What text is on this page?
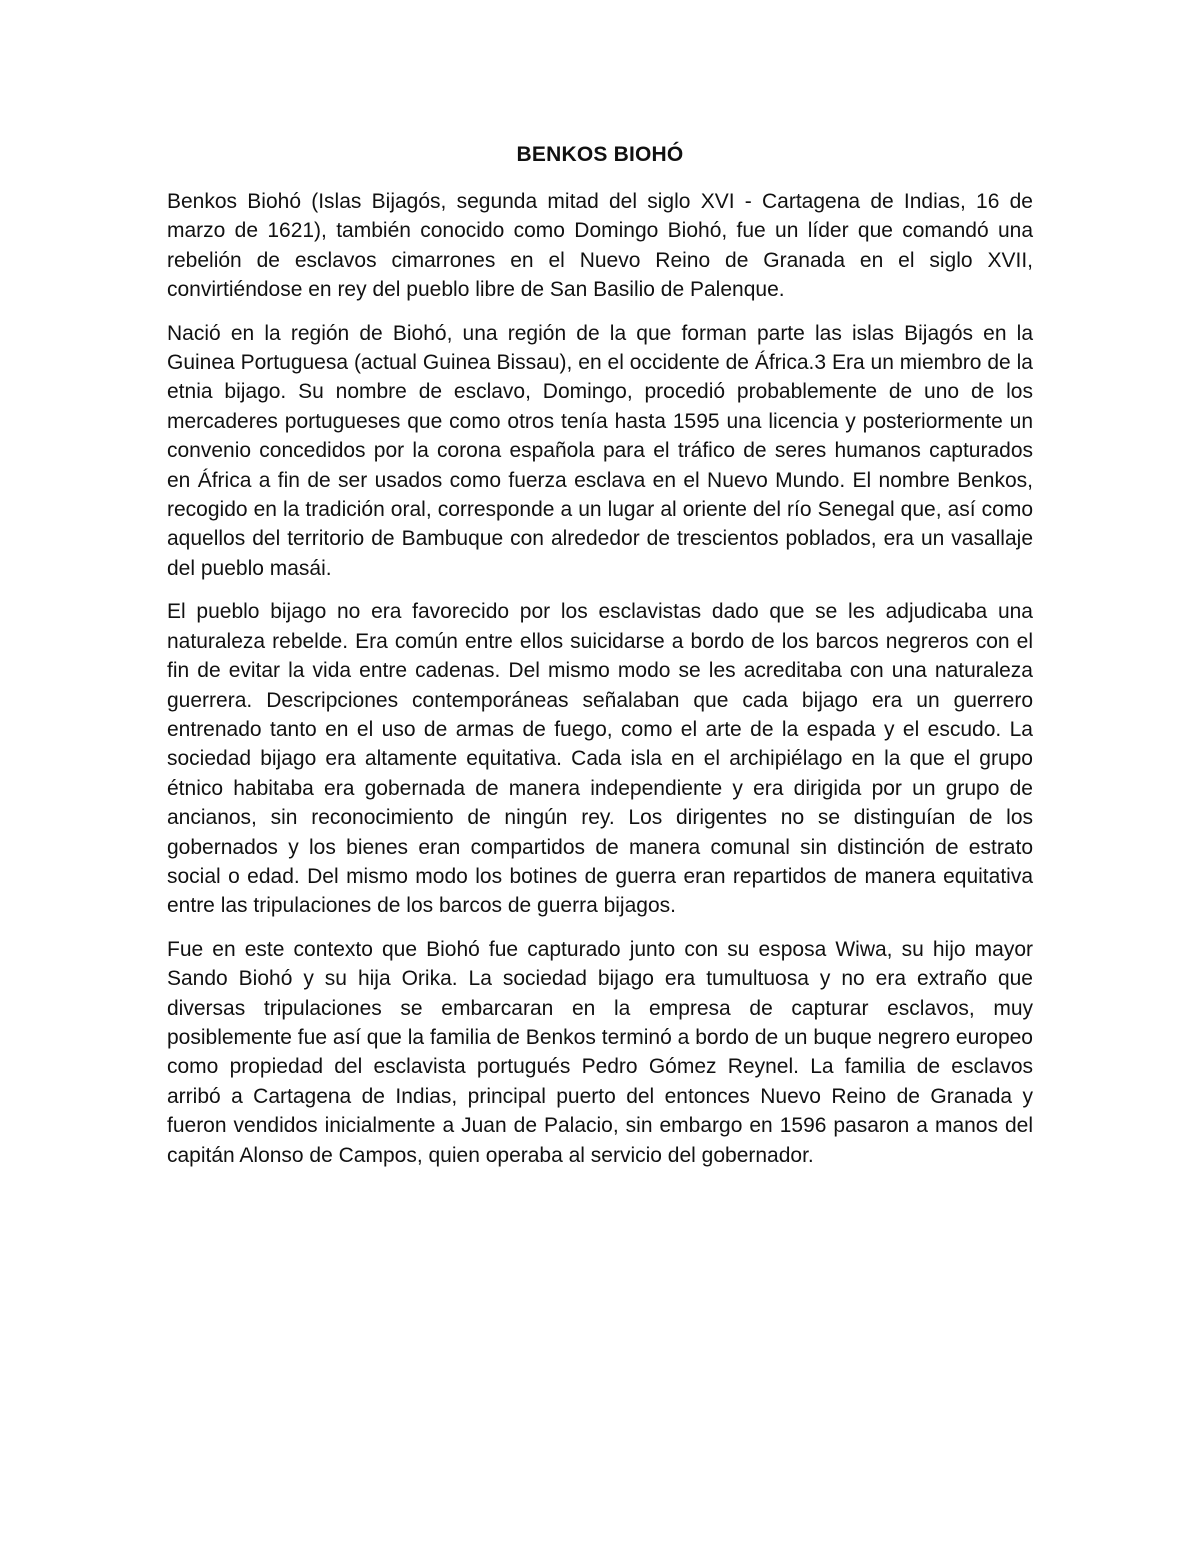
BENKOS BIOHÓ

Benkos Biohó (Islas Bijagós, segunda mitad del siglo XVI - Cartagena de Indias, 16 de marzo de 1621), también conocido como Domingo Biohó, fue un líder que comandó una rebelión de esclavos cimarrones en el Nuevo Reino de Granada en el siglo XVII, convirtiéndose en rey del pueblo libre de San Basilio de Palenque.

Nació en la región de Biohó, una región de la que forman parte las islas Bijagós en la Guinea Portuguesa (actual Guinea Bissau), en el occidente de África.3 Era un miembro de la etnia bijago. Su nombre de esclavo, Domingo, procedió probablemente de uno de los mercaderes portugueses que como otros tenía hasta 1595 una licencia y posteriormente un convenio concedidos por la corona española para el tráfico de seres humanos capturados en África a fin de ser usados como fuerza esclava en el Nuevo Mundo. El nombre Benkos, recogido en la tradición oral, corresponde a un lugar al oriente del río Senegal que, así como aquellos del territorio de Bambuque con alrededor de trescientos poblados, era un vasallaje del pueblo masái.

El pueblo bijago no era favorecido por los esclavistas dado que se les adjudicaba una naturaleza rebelde. Era común entre ellos suicidarse a bordo de los barcos negreros con el fin de evitar la vida entre cadenas. Del mismo modo se les acreditaba con una naturaleza guerrera. Descripciones contemporáneas señalaban que cada bijago era un guerrero entrenado tanto en el uso de armas de fuego, como el arte de la espada y el escudo. La sociedad bijago era altamente equitativa. Cada isla en el archipiélago en la que el grupo étnico habitaba era gobernada de manera independiente y era dirigida por un grupo de ancianos, sin reconocimiento de ningún rey. Los dirigentes no se distinguían de los gobernados y los bienes eran compartidos de manera comunal sin distinción de estrato social o edad. Del mismo modo los botines de guerra eran repartidos de manera equitativa entre las tripulaciones de los barcos de guerra bijagos.

Fue en este contexto que Biohó fue capturado junto con su esposa Wiwa, su hijo mayor Sando Biohó y su hija Orika. La sociedad bijago era tumultuosa y no era extraño que diversas tripulaciones se embarcaran en la empresa de capturar esclavos, muy posiblemente fue así que la familia de Benkos terminó a bordo de un buque negrero europeo como propiedad del esclavista portugués Pedro Gómez Reynel. La familia de esclavos arribó a Cartagena de Indias, principal puerto del entonces Nuevo Reino de Granada y fueron vendidos inicialmente a Juan de Palacio, sin embargo en 1596 pasaron a manos del capitán Alonso de Campos, quien operaba al servicio del gobernador.
